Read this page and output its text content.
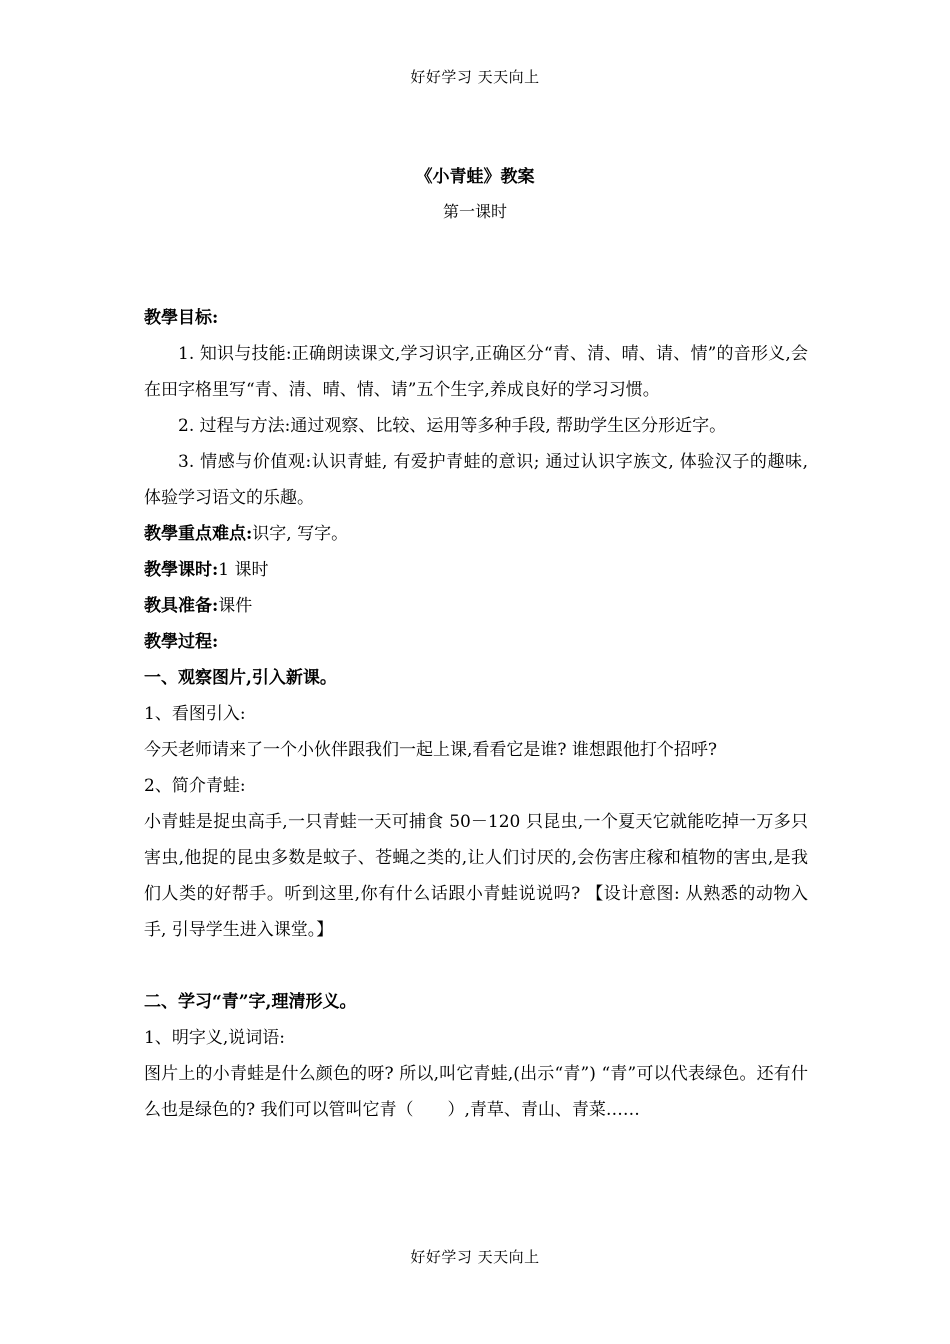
好好学习 天天向上
《小青蛙》教案
第一课时

教學目标:

1. 知识与技能:正确朗读课文,学习识字,正确区分“青、清、晴、请、情”的音形义,会在田字格里写“青、清、晴、情、请”五个生字,养成良好的学习习惯。

2. 过程与方法:通过观察、比较、运用等多种手段, 帮助学生区分形近字。

3. 情感与价值观:认识青蛙, 有爱护青蛙的意识; 通过认识字族文, 体验汉子的趣味, 体验学习语文的乐趣。

教學重点难点:识字, 写字。

教學课时:1 课时

教具准备:课件

教學过程:

一、观察图片,引入新课。

1、看图引入:

今天老师请来了一个小伙伴跟我们一起上课,看看它是谁? 谁想跟他打个招呼?

2、简介青蛙:

小青蛙是捉虫高手,一只青蛙一天可捕食 50－120 只昆虫,一个夏天它就能吃掉一万多只害虫,他捉的昆虫多数是蚊子、苍蝇之类的,让人们讨厌的,会伤害庄稼和植物的害虫,是我们人类的好帮手。听到这里,你有什么话跟小青蛙说说吗? 【设计意图: 从熟悉的动物入手, 引导学生进入课堂。】

二、学习“青”字,理清形义。

1、明字义,说词语:

图片上的小青蛙是什么颜色的呀? 所以,叫它青蛙,(出示“青”) “青”可以代表绿色。还有什么也是绿色的? 我们可以管叫它青（　　）,青草、青山、青菜……

好好学习 天天向上
